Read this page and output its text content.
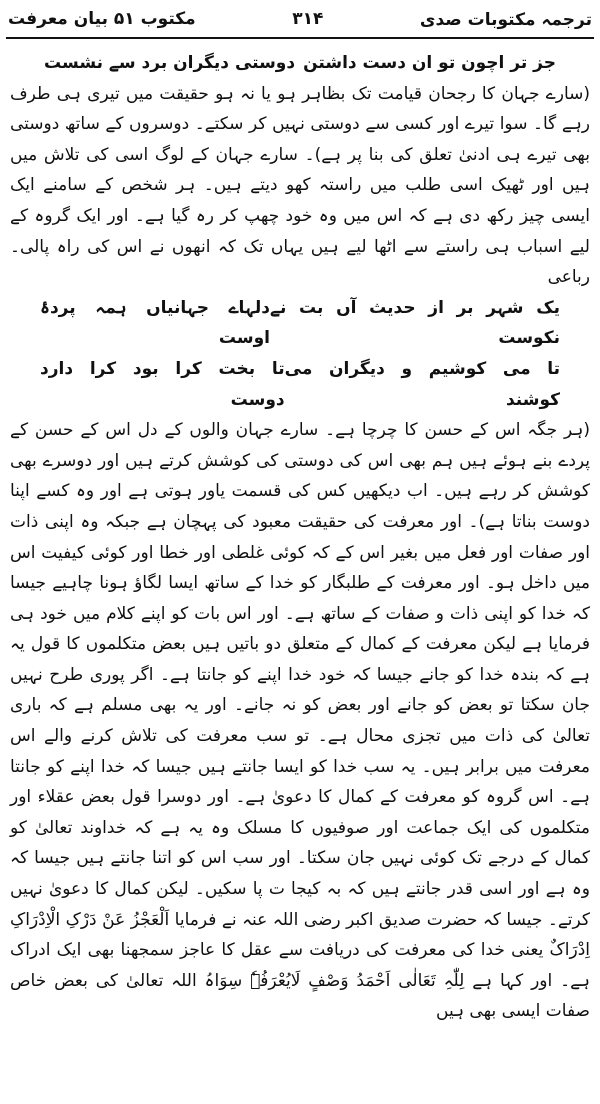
ترجمہ مکتوبات صدی
۳۱۴
مکتوب ۵۱ بیان معرفت
جز تر اچون تو ان دست داشتن
دوستی دیگران برد سے نشست

(سارے جہان کا رجحان قیامت تک بظاہر ہو یا نہ ہو حقیقت میں تیری ہی طرف رہے گا۔ سوا تیرے اور کسی سے دوستی نہیں کر سکتے۔ دوسروں کے ساتھ دوستی بھی تیرے ہی ادنیٰ تعلق کی بنا پر ہے)۔ سارے جہان کے لوگ اسی کی تلاش میں ہیں اور ٹھیک اسی طلب میں راستہ کھو دیتے ہیں۔ ہر شخص کے سامنے ایک ایسی چیز رکھ دی ہے کہ اس میں وہ خود چھپ کر رہ گیا ہے۔ اور ایک گروہ کے لیے اسباب ہی راستے سے اٹھا لیے ہیں یہاں تک کہ انھوں نے اس کی راہ پالی۔ رباعی

یک شہر بر از حدیث آں بت نے نکوست
دلہاے جہانیاں ہمہ پردۂ اوست
تا می کوشیم و دیگران می کوشند
تا بخت کرا بود کرا دارد دوست

(ہر جگہ اس کے حسن کا چرچا ہے۔ سارے جہان والوں کے دل اس کے حسن کے پردے بنے ہوئے ہیں ہم بھی اس کی دوستی کی کوشش کرتے ہیں اور دوسرے بھی کوشش کر رہے ہیں۔ اب دیکھیں کس کی قسمت یاور ہوتی ہے اور وہ کسے اپنا دوست بناتا ہے)۔ اور معرفت کی حقیقت معبود کی پہچان ہے جبکہ وہ اپنی ذات اور صفات اور فعل میں بغیر اس کے کہ کوئی غلطی اور خطا اور کوئی کیفیت اس میں داخل ہو۔ اور معرفت کے طلبگار کو خدا کے ساتھ ایسا لگاؤ ہونا چاہیے جیسا کہ خدا کو اپنی ذات و صفات کے ساتھ ہے۔ اور اس بات کو اپنے کلام میں خود ہی فرمایا ہے لیکن معرفت کے کمال کے متعلق دو باتیں ہیں بعض متکلموں کا قول یہ ہے کہ بندہ خدا کو جانے جیسا کہ خود خدا اپنے کو جانتا ہے۔ اگر پوری طرح نہیں جان سکتا تو بعض کو جانے اور بعض کو نہ جانے۔ اور یہ بھی مسلم ہے کہ باری تعالیٰ کی ذات میں تجزی محال ہے۔ تو سب معرفت کی تلاش کرنے والے اس معرفت میں برابر ہیں۔ یہ سب خدا کو ایسا جانتے ہیں جیسا کہ خدا اپنے کو جانتا ہے۔ اس گروہ کو معرفت کے کمال کا دعویٰ ہے۔ اور دوسرا قول بعض عقلاء اور متکلموں کی ایک جماعت اور صوفیوں کا مسلک وہ یہ ہے کہ خداوند تعالیٰ کو کمال کے درجے تک کوئی نہیں جان سکتا۔ اور سب اس کو اتنا جانتے ہیں جیسا کہ وہ ہے اور اسی قدر جانتے ہیں کہ بہ کیجا ت پا سکیں۔ لیکن کمال کا دعویٰ نہیں کرتے۔ جیسا کہ حضرت صدیق اکبر رضی اللہ عنہ نے فرمایا اَلْعَجْزُ عَنْ دَرْکِ الْاِدْرَاکِ اِدْرَاکٌ یعنی خدا کی معرفت کی دریافت سے عقل کا عاجز سمجھنا بھی ایک ادراک ہے۔ اور کہا ہے لِلّٰہِ تَعَالٰی اَحْمَدُ وَصْفٍ لَایُعْرَفُہٗ سِوَاہُ اللہ تعالیٰ کی بعض خاص صفات ایسی بھی ہیں
